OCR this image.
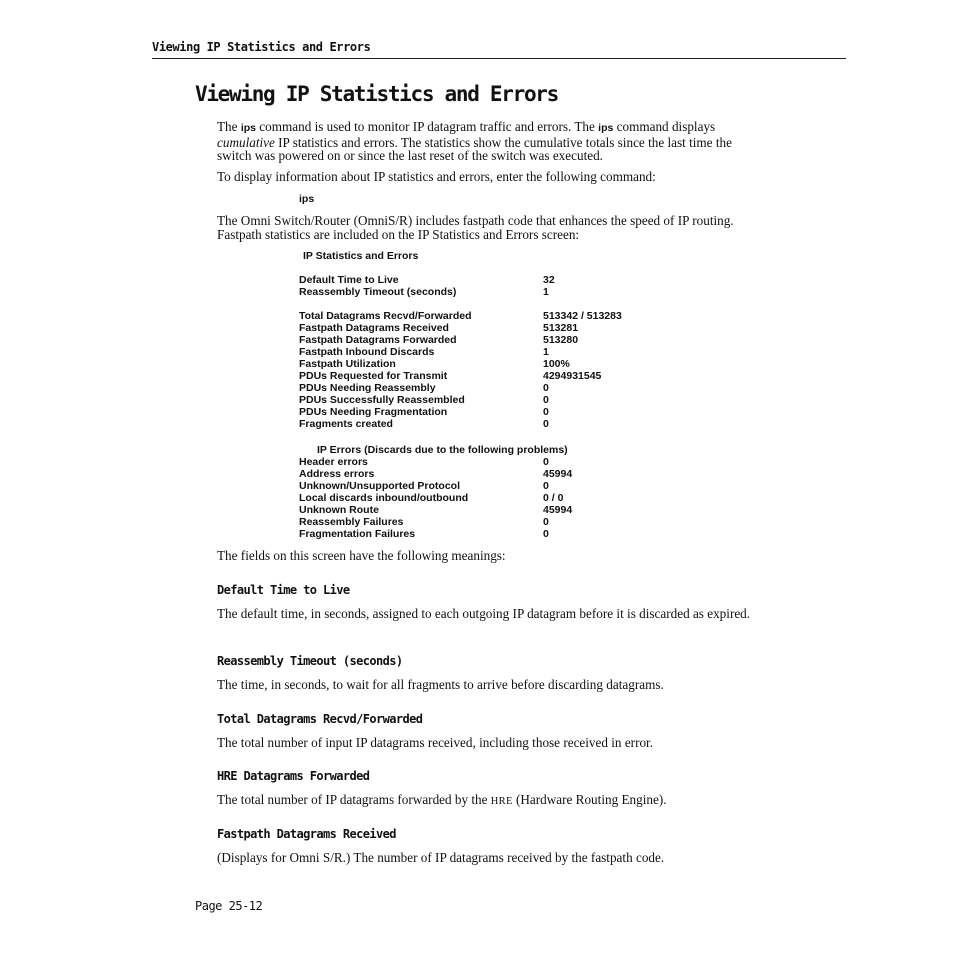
Viewing IP Statistics and Errors
Viewing IP Statistics and Errors

The ips command is used to monitor IP datagram traffic and errors. The ips command displays cumulative IP statistics and errors. The statistics show the cumulative totals since the last time the switch was powered on or since the last reset of the switch was executed.

To display information about IP statistics and errors, enter the following command:

ips

The Omni Switch/Router (OmniS/R) includes fastpath code that enhances the speed of IP routing. Fastpath statistics are included on the IP Statistics and Errors screen:

IP Statistics and Errors
IP Errors (Discards due to the following problems)
Default Time to Live	32
Reassembly Timeout (seconds)	1
Total Datagrams Recvd/Forwarded	513342 / 513283
Fastpath Datagrams Received	513281
Fastpath Datagrams Forwarded	513280
Fastpath Inbound Discards	1
Fastpath Utilization	100%
PDUs Requested for Transmit	4294931545
PDUs Needing Reassembly	0
PDUs Successfully Reassembled	0
PDUs Needing Fragmentation	0
Fragments created	0
Header errors	0
Address errors	45994
Unknown/Unsupported Protocol	0
Local discards inbound/outbound	0 / 0
Unknown Route	45994
Reassembly Failures	0
Fragmentation Failures	0

The fields on this screen have the following meanings:

Default Time to Live

The default time, in seconds, assigned to each outgoing IP datagram before it is discarded as expired.

Reassembly Timeout (seconds)

The time, in seconds, to wait for all fragments to arrive before discarding datagrams.

Total Datagrams Recvd/Forwarded

The total number of input IP datagrams received, including those received in error.

HRE Datagrams Forwarded

The total number of IP datagrams forwarded by the HRE (Hardware Routing Engine).

Fastpath Datagrams Received

(Displays for Omni S/R.) The number of IP datagrams received by the fastpath code.

Page 25-12
